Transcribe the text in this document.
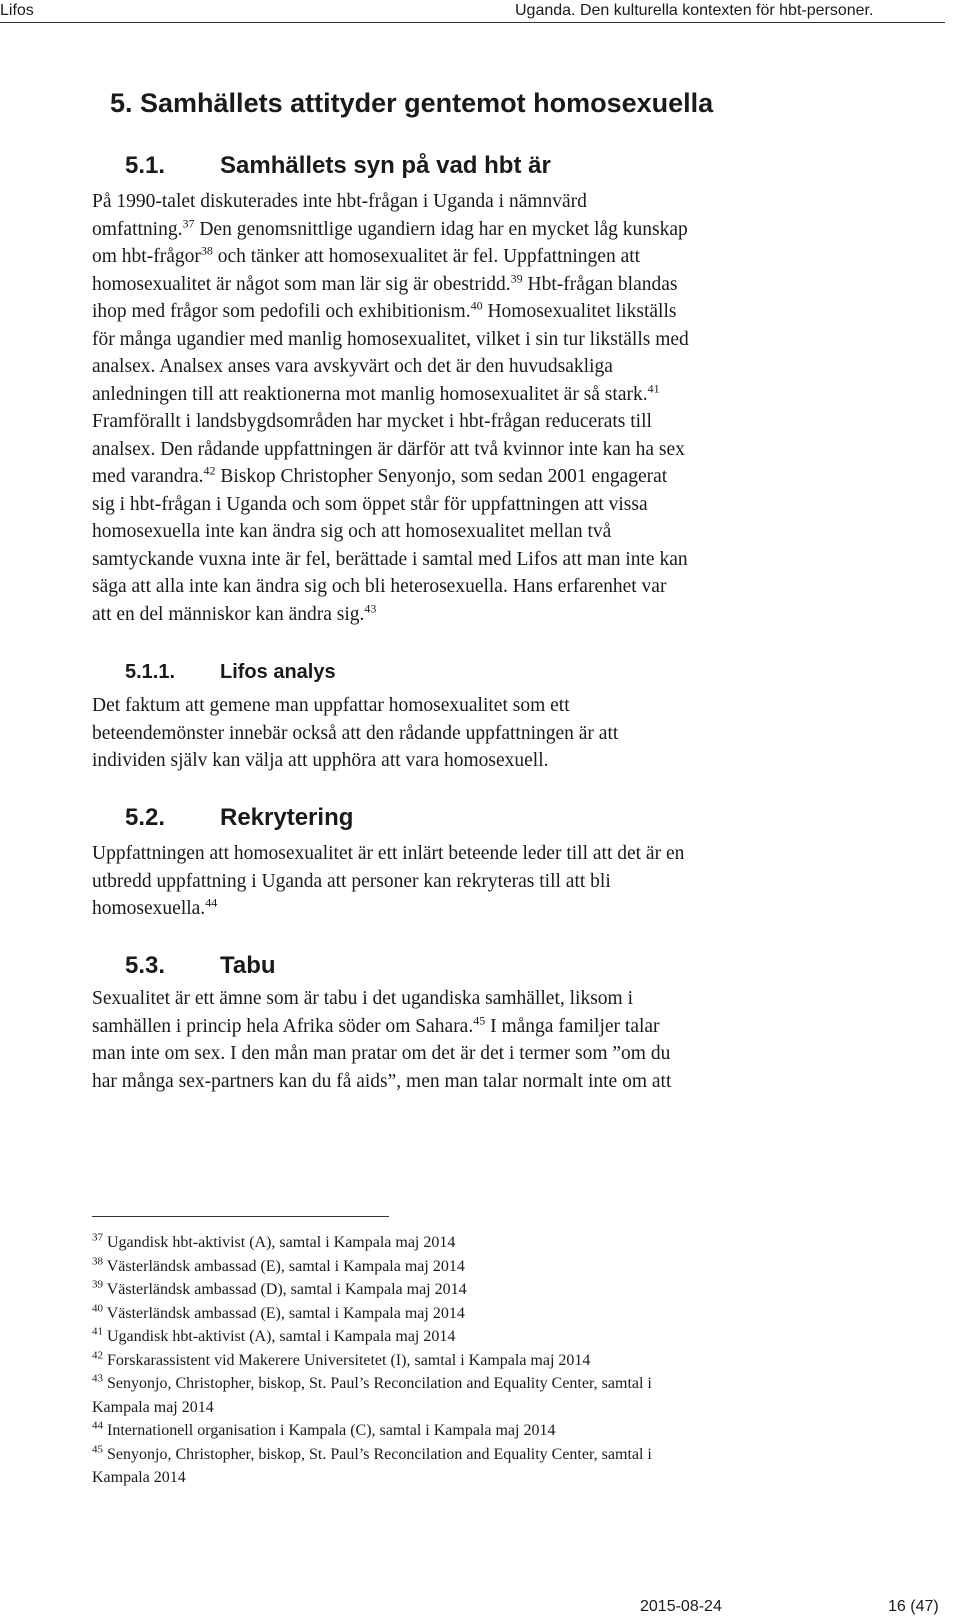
Lifos	Uganda. Den kulturella kontexten för hbt-personer.
5. Samhällets attityder gentemot homosexuella
5.1. Samhällets syn på vad hbt är
På 1990-talet diskuterades inte hbt-frågan i Uganda i nämnvärd
omfattning.$^{37}$ Den genomsnittlige ugandiern idag har en mycket låg kunskap
om hbt-frågor$^{38}$ och tänker att homosexualitet är fel. Uppfattningen att
homosexualitet är något som man lär sig är obestridd.$^{39}$ Hbt-frågan blandas
ihop med frågor som pedofili och exhibitionism.$^{40}$ Homosexualitet likställs
för många ugandier med manlig homosexualitet, vilket i sin tur likställs med
analsex. Analsex anses vara avskyvärt och det är den huvudsakliga
anledningen till att reaktionerna mot manlig homosexualitet är så stark.$^{41}$
Framförallt i landsbygdsområden har mycket i hbt-frågan reducerats till
analsex. Den rådande uppfattningen är därför att två kvinnor inte kan ha sex
med varandra.$^{42}$ Biskop Christopher Senyonjo, som sedan 2001 engagerat
sig i hbt-frågan i Uganda och som öppet står för uppfattningen att vissa
homosexuella inte kan ändra sig och att homosexualitet mellan två
samtyckande vuxna inte är fel, berättade i samtal med Lifos att man inte kan
säga att alla inte kan ändra sig och bli heterosexuella. Hans erfarenhet var
att en del människor kan ändra sig.$^{43}$
5.1.1. Lifos analys
Det faktum att gemene man uppfattar homosexualitet som ett
beteendemönster innebär också att den rådande uppfattningen är att
individen själv kan välja att upphöra att vara homosexuell.
5.2. Rekrytering
Uppfattningen att homosexualitet är ett inlärt beteende leder till att det är en
utbredd uppfattning i Uganda att personer kan rekryteras till att bli
homosexuella.$^{44}$
5.3. Tabu
Sexualitet är ett ämne som är tabu i det ugandiska samhället, liksom i
samhällen i princip hela Afrika söder om Sahara.$^{45}$ I många familjer talar
man inte om sex. I den mån man pratar om det är det i termer som ”om du
har många sex-partners kan du få aids”, men man talar normalt inte om att
$^{37}$ Ugandisk hbt-aktivist (A), samtal i Kampala maj 2014
$^{38}$ Västerländsk ambassad (E), samtal i Kampala maj 2014
$^{39}$ Västerländsk ambassad (D), samtal i Kampala maj 2014
$^{40}$ Västerländsk ambassad (E), samtal i Kampala maj 2014
$^{41}$ Ugandisk hbt-aktivist (A), samtal i Kampala maj 2014
$^{42}$ Forskarassistent vid Makerere Universitetet (I), samtal i Kampala maj 2014
$^{43}$ Senyonjo, Christopher, biskop, St. Paul’s Reconcilation and Equality Center, samtal i
Kampala maj 2014
$^{44}$ Internationell organisation i Kampala (C), samtal i Kampala maj 2014
$^{45}$ Senyonjo, Christopher, biskop, St. Paul’s Reconcilation and Equality Center, samtal i
Kampala 2014
2015-08-24	16 (47)
